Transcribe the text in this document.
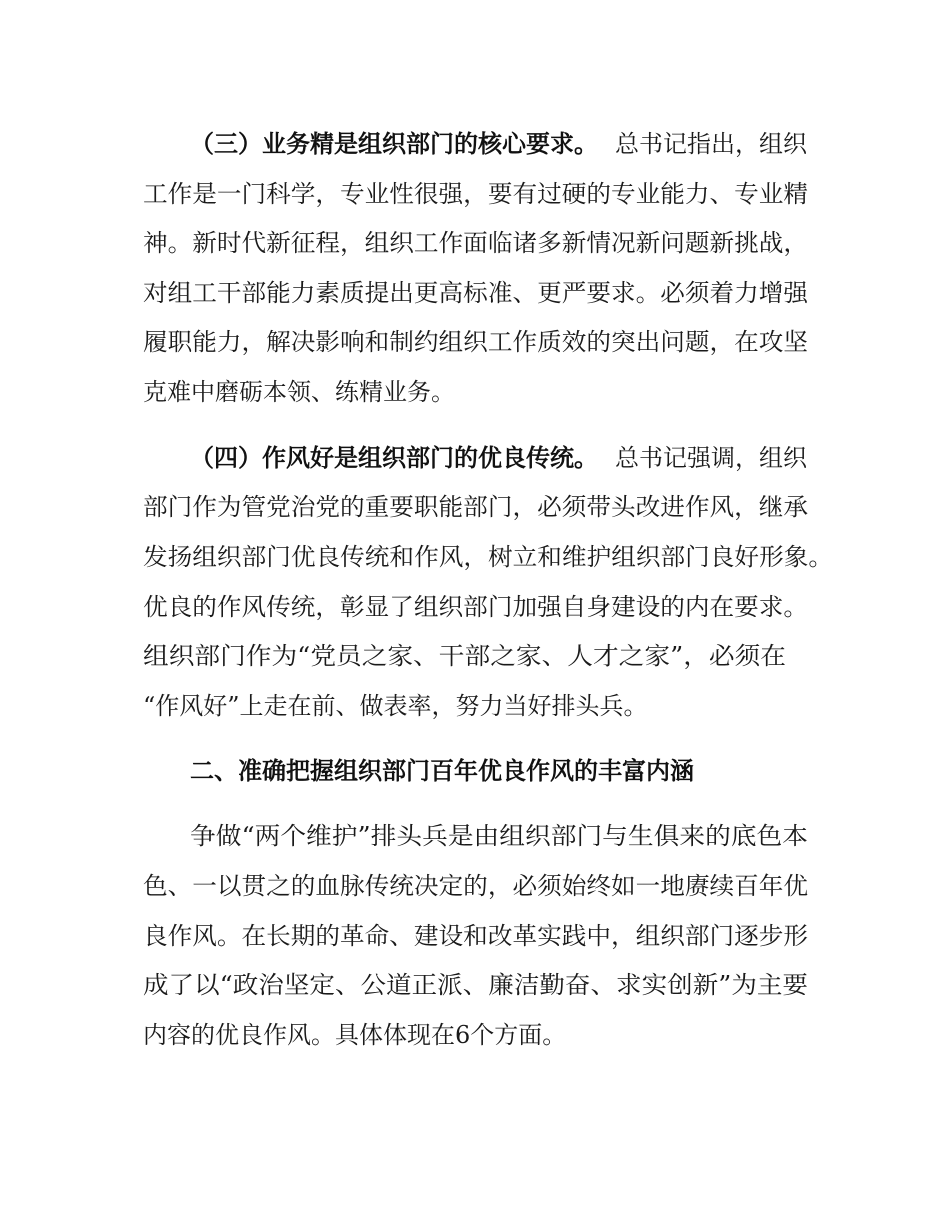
（三）业务精是组织部门的核心要求。 总书记指出，组织
工作是一门科学，专业性很强，要有过硬的专业能力、专业精
神。新时代新征程，组织工作面临诸多新情况新问题新挑战，
对组工干部能力素质提出更高标准、更严要求。必须着力增强
履职能力，解决影响和制约组织工作质效的突出问题，在攻坚
克难中磨砺本领、练精业务。
（四）作风好是组织部门的优良传统。 总书记强调，组织
部门作为管党治党的重要职能部门，必须带头改进作风，继承
发扬组织部门优良传统和作风，树立和维护组织部门良好形象。
优良的作风传统，彰显了组织部门加强自身建设的内在要求。
组织部门作为“党员之家、干部之家、人才之家”，必须在
“作风好”上走在前、做表率，努力当好排头兵。
二、准确把握组织部门百年优良作风的丰富内涵
争做“两个维护”排头兵是由组织部门与生俱来的底色本
色、一以贯之的血脉传统决定的，必须始终如一地赓续百年优
良作风。在长期的革命、建设和改革实践中，组织部门逐步形
成了以“政治坚定、公道正派、廉洁勤奋、求实创新”为主要
内容的优良作风。具体体现在6个方面。
